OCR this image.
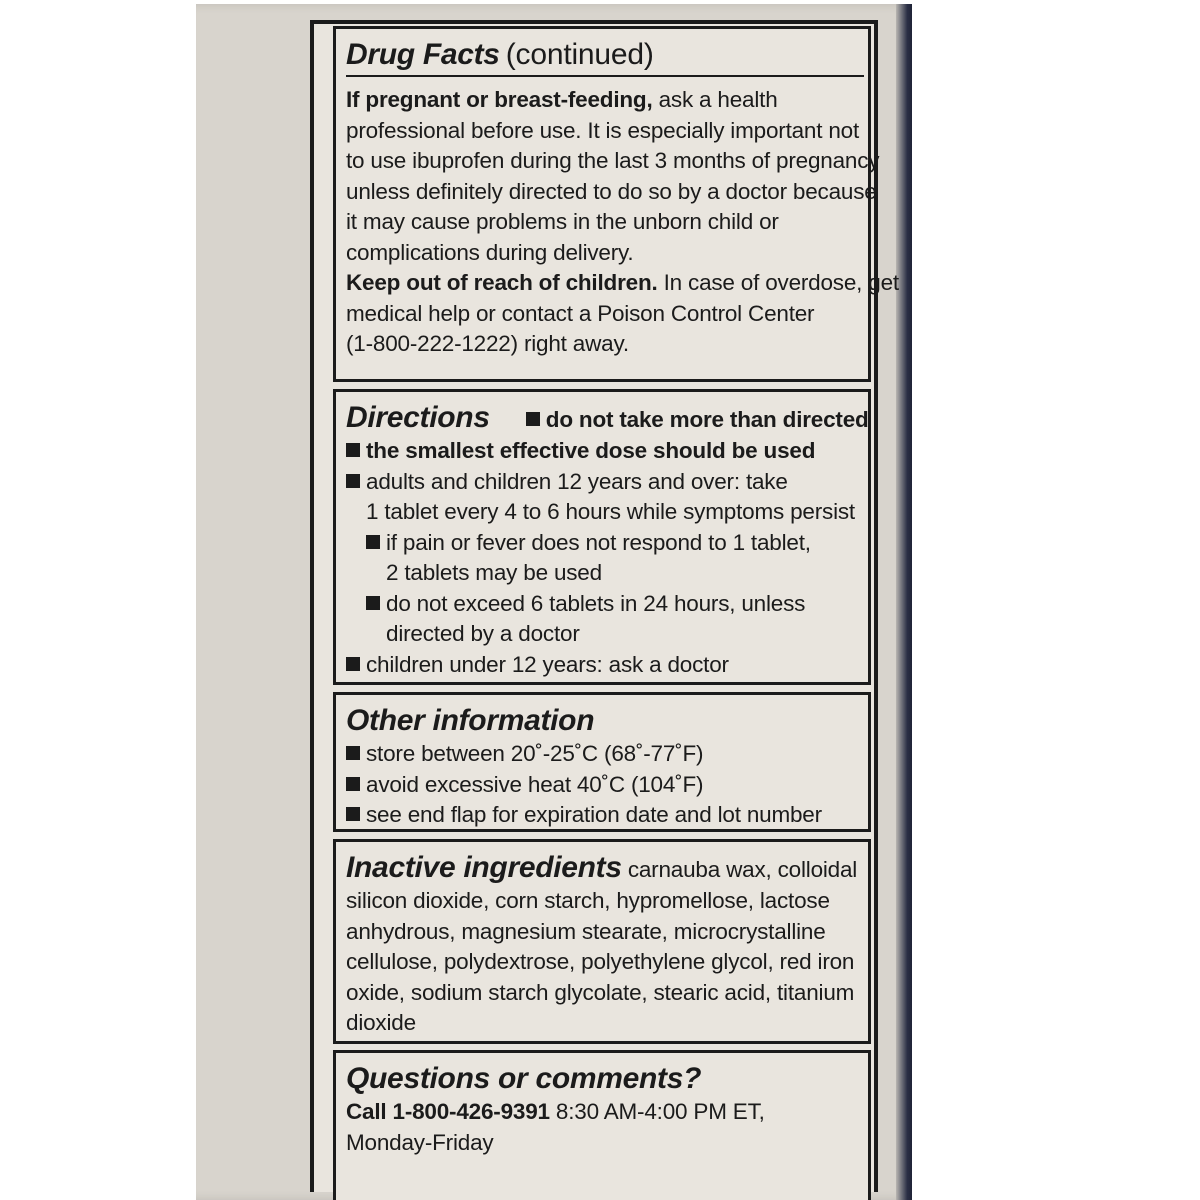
Drug Facts (continued)

If pregnant or breast-feeding, ask a health

professional before use. It is especially important not

to use ibuprofen during the last 3 months of pregnancy

unless definitely directed to do so by a doctor because

it may cause problems in the unborn child or

complications during delivery.

Keep out of reach of children. In case of overdose, get

medical help or contact a Poison Control Center

(1-800-222-1222) right away.

Directions do not take more than directed

the smallest effective dose should be used

adults and children 12 years and over: take

1 tablet every 4 to 6 hours while symptoms persist

if pain or fever does not respond to 1 tablet,

2 tablets may be used

do not exceed 6 tablets in 24 hours, unless

directed by a doctor

children under 12 years: ask a doctor

Other information

store between 20˚-25˚C (68˚-77˚F)

avoid excessive heat 40˚C (104˚F)

see end flap for expiration date and lot number

Inactive ingredients carnauba wax, colloidal

silicon dioxide, corn starch, hypromellose, lactose

anhydrous, magnesium stearate, microcrystalline

cellulose, polydextrose, polyethylene glycol, red iron

oxide, sodium starch glycolate, stearic acid, titanium

dioxide

Questions or comments?

Call 1-800-426-9391 8:30 AM-4:00 PM ET,

Monday-Friday
